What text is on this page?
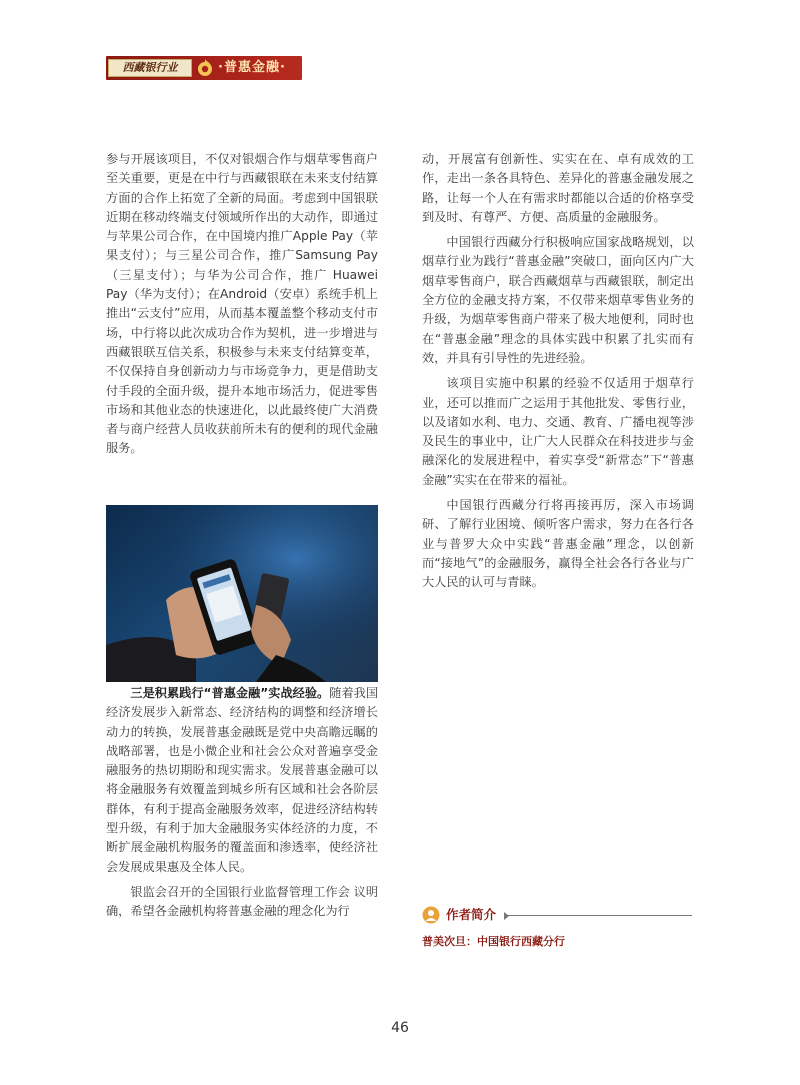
西藏银行业	·普惠金融·

参与开展该项目，不仅对银烟合作与烟草零售商户至关重要，更是在中行与西藏银联在未来支付结算方面的合作上拓宽了全新的局面。考虑到中国银联近期在移动终端支付领域所作出的大动作，即通过与苹果公司合作，在中国境内推广Apple Pay（苹果支付）；与三星公司合作，推广Samsung Pay（三星支付）；与华为公司合作，推广 Huawei Pay（华为支付）；在Android（安卓）系统手机上推出“云支付”应用，从而基本覆盖整个移动支付市场，中行将以此次成功合作为契机，进一步增进与西藏银联互信关系，积极参与未来支付结算变革，不仅保持自身创新动力与市场竞争力，更是借助支付手段的全面升级，提升本地市场活力，促进零售市场和其他业态的快速进化，以此最终使广大消费者与商户经营人员收获前所未有的便利的现代金融服务。

三是积累践行“普惠金融”实战经验。随着我国经济发展步入新常态、经济结构的调整和经济增长动力的转换，发展普惠金融既是党中央高瞻远瞩的战略部署，也是小微企业和社会公众对普遍享受金融服务的热切期盼和现实需求。发展普惠金融可以将金融服务有效覆盖到城乡所有区域和社会各阶层群体，有利于提高金融服务效率，促进经济结构转型升级，有利于加大金融服务实体经济的力度，不断扩展金融机构服务的覆盖面和渗透率，使经济社会发展成果惠及全体人民。

银监会召开的全国银行业监督管理工作会 议明确，希望各金融机构将普惠金融的理念化为行

动，开展富有创新性、实实在在、卓有成效的工作，走出一条各具特色、差异化的普惠金融发展之路，让每一个人在有需求时都能以合适的价格享受到及时、有尊严、方便、高质量的金融服务。

中国银行西藏分行积极响应国家战略规划，以烟草行业为践行“普惠金融”突破口，面向区内广大烟草零售商户，联合西藏烟草与西藏银联，制定出全方位的金融支持方案，不仅带来烟草零售业务的升级，为烟草零售商户带来了极大地便利，同时也在“普惠金融”理念的具体实践中积累了扎实而有效，并具有引导性的先进经验。

该项目实施中积累的经验不仅适用于烟草行业，还可以推而广之运用于其他批发、零售行业，以及诸如水利、电力、交通、教育、广播电视等涉及民生的事业中，让广大人民群众在科技进步与金融深化的发展进程中，着实享受“新常态”下“普惠金融”实实在在带来的福祉。

中国银行西藏分行将再接再厉，深入市场调研、了解行业困境、倾听客户需求，努力在各行各业与普罗大众中实践“普惠金融”理念，以创新而“接地气”的金融服务，赢得全社会各行各业与广大人民的认可与青睐。

作者简介
普美次旦：中国银行西藏分行
46
